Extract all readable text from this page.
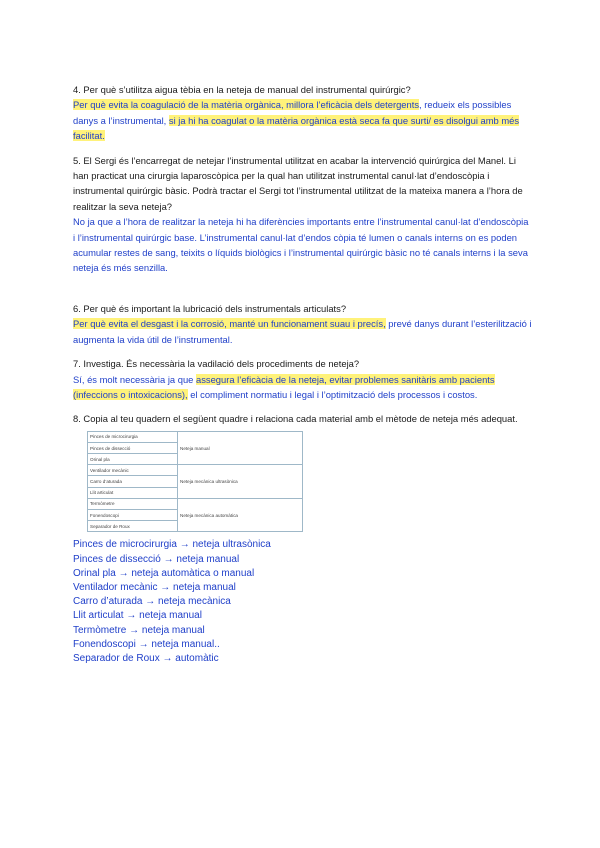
4. Per què s’utilitza aigua tèbia en la neteja de manual del instrumental quirúrgic?

Per què evita la coagulació de la matèria orgànica, millora l’eficàcia dels detergents, redueix els possibles danys a l’instrumental, si ja hi ha coagulat o la matèria orgànica està seca fa que surti/ es disolgui amb més facilitat.

5. El Sergi és l’encarregat de netejar l’instrumental utilitzat en acabar la intervenció quirúrgica del Manel. Li han practicat una cirurgia laparoscòpica per la qual han utilitzat instrumental canul·lat d’endoscòpia i instrumental quirúrgic bàsic. Podrà tractar el Sergi tot l’instrumental utilitzat de la mateixa manera a l’hora de realitzar la seva neteja?

No ja que a l’hora de realitzar la neteja hi ha diferències importants entre l’instrumental canul·lat d’endoscòpia i l’instrumental quirúrgic base. L’instrumental canul·lat d’endos còpia té lumen o canals interns on es poden acumular restes de sang, teixits o líquids biològics i l’instrumental quirúrgic bàsic no té canals interns i la seva neteja és més senzilla.

6. Per què és important la lubricació dels instrumentals articulats?

Per què evita el desgast i la corrosió, manté un funcionament suau i precís, prevé danys durant l’esterilització i augmenta la vida útil de l’instrumental.

7. Investiga. És necessària la vadilació dels procediments de neteja?

Sí, és molt necessària ja que assegura l’eficàcia de la neteja, evitar problemes sanitàris amb pacients (infeccions o intoxicacions), el compliment normatiu i legal i l’optimització dels processos i costos.

8. Copia al teu quadern el següent quadre i relaciona cada material amb el mètode de neteja més adequat.

Pinces de microcirurgia	Neteja manual
Pinces de dissecció	
Orinal pla	
Ventilador mecànic	Neteja mecànica ultrasònica
Carro d’aturada	
Llit articulat	
Termòmetre	Neteja mecànica automàtica
Fonendoscopi	
Separador de Roux	

Pinces de microcirurgia → neteja ultrasònica

Pinces de dissecció → neteja manual

Orinal pla → neteja automàtica o manual

Ventilador mecànic → neteja manual

Carro d’aturada → neteja mecànica

Llit articulat → neteja manual

Termòmetre → neteja manual

Fonendoscopi → neteja manual..

Separador de Roux → automàtic
